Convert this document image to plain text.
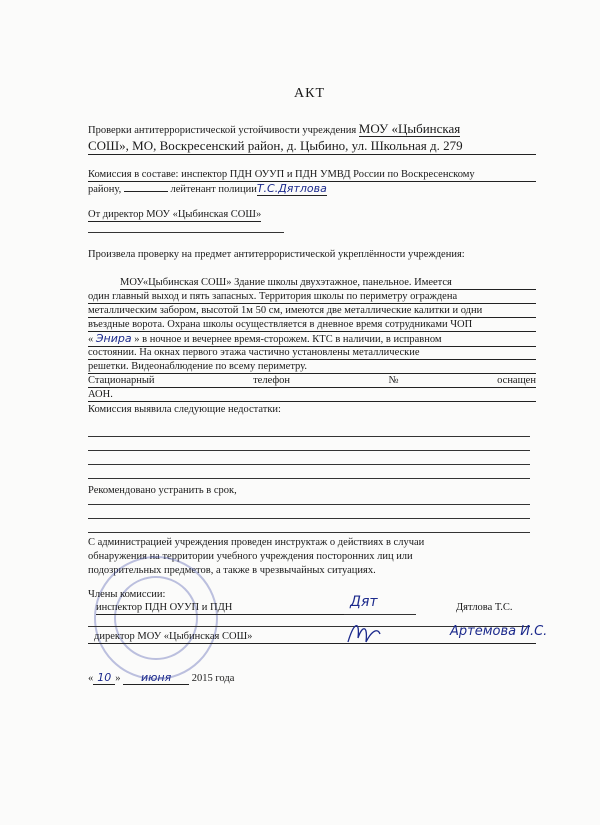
АКТ
Проверки антитеррористической устойчивости учреждения МОУ «Цыбинская
СОШ», МО, Воскресенский район, д. Цыбино, ул. Школьная д. 279
Комиссия в составе: инспектор ПДН ОУУП и ПДН УМВД России по Воскресенскому
району,	лейтенант полицииТ.С.Дятлова
От директор МОУ «Цыбинская СОШ»
Произвела проверку на предмет антитеррористической укреплённости учреждения:
МОУ«Цыбинская СОШ» Здание школы двухэтажное, панельное. Имеется
один главный выход и пять запасных. Территория школы по периметру ограждена
металлическим забором, высотой 1м 50 см, имеются две металлические калитки и одни
въездные ворота. Охрана школы осуществляется в дневное время сотрудниками ЧОП
« Энира » в ночное и вечернее время-сторожем. КТС в наличии, в исправном
состоянии. На окнах первого этажа частично установлены металлические
решетки. Видеонаблюдение по всему периметру.
Стационарный	телефон	№	оснащен
АОН.
Комиссия выявила следующие недостатки:
Рекомендовано устранить в срок,
С администрацией учреждения проведен инструктаж о действиях в случаи
обнаружения на территории учебного учреждения посторонних лиц или
подозрительных предметов, а также в чрезвычайных ситуациях.
Члены комиссии:
инспектор ПДН ОУУП и ПДН	Дят	Дятлова Т.С.
директор МОУ «Цыбинская СОШ»	Артемова И.С.
« 10 » июня 2015 года
